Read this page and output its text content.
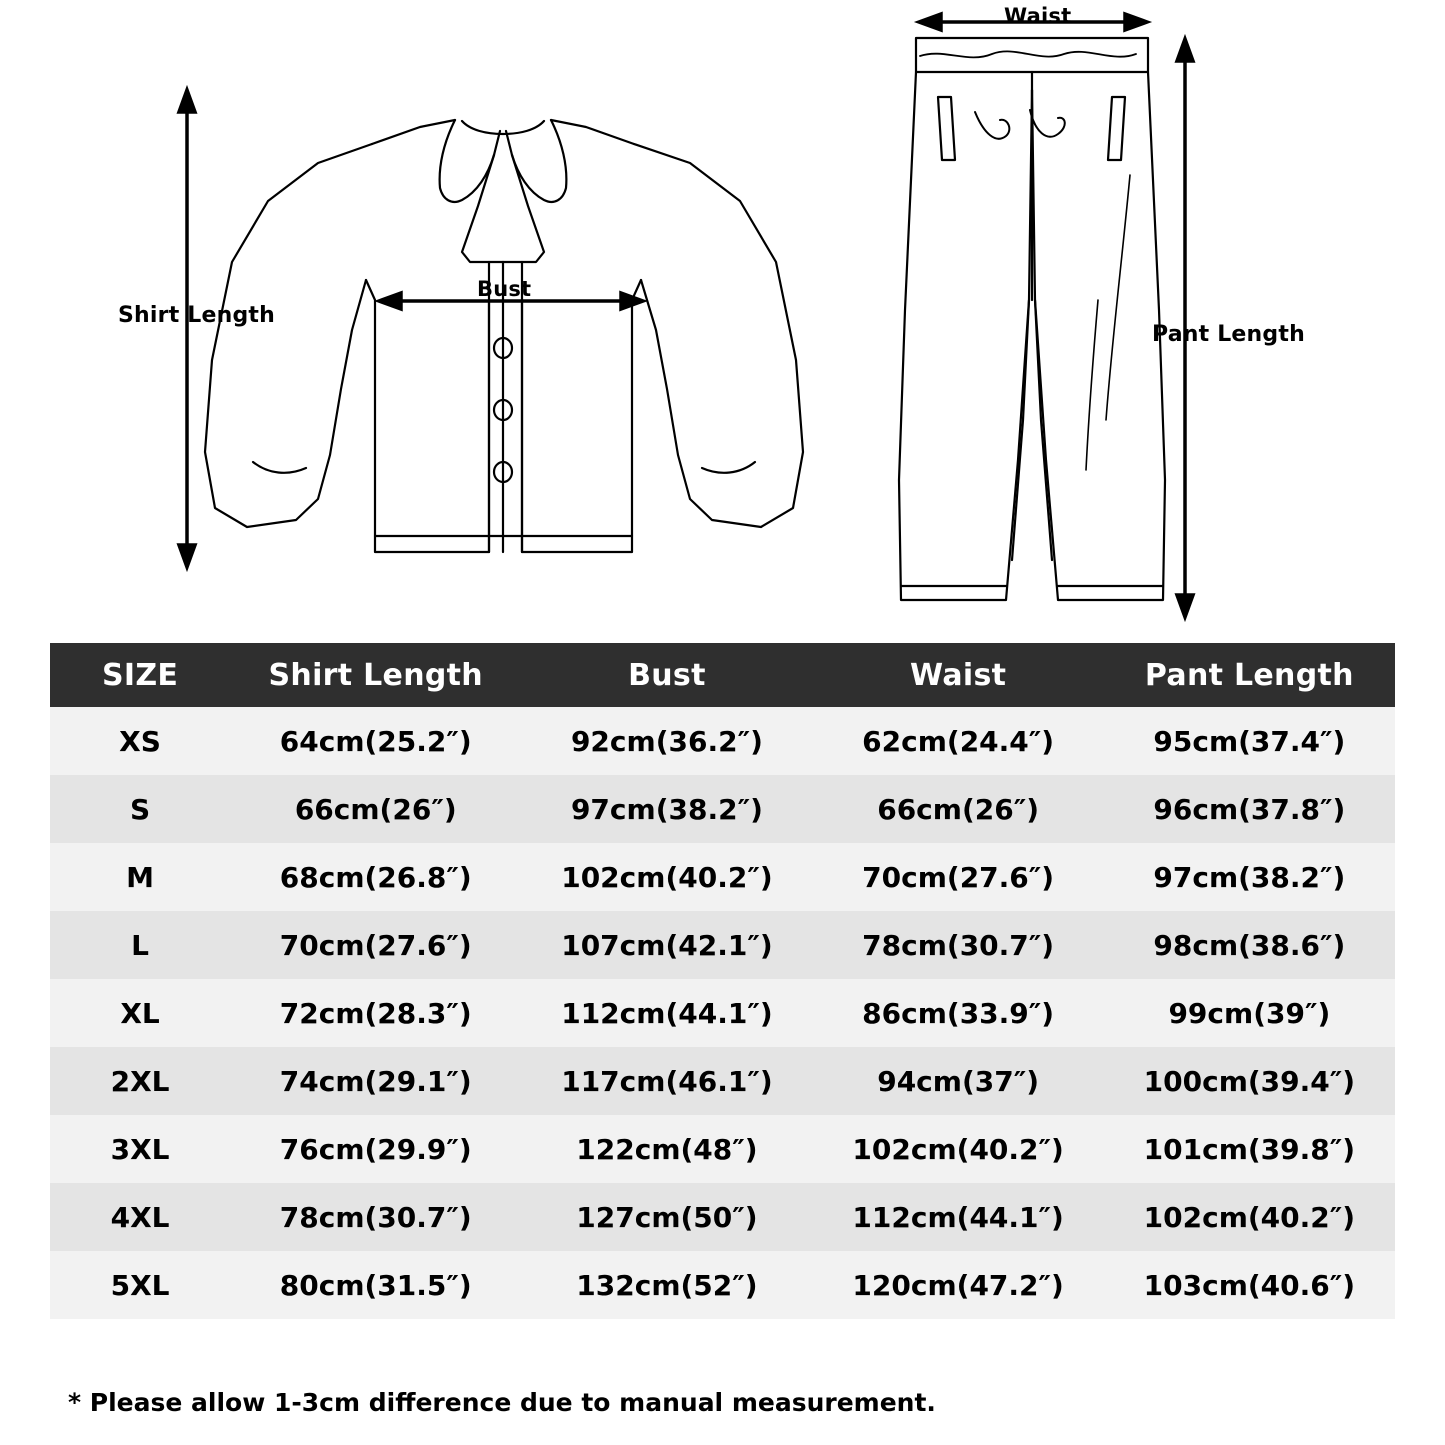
Shirt Length
Bust
Waist
Pant Length
SIZE	Shirt Length	Bust	Waist	Pant Length
XS	64cm(25.2″)	92cm(36.2″)	62cm(24.4″)	95cm(37.4″)
S	66cm(26″)	97cm(38.2″)	66cm(26″)	96cm(37.8″)
M	68cm(26.8″)	102cm(40.2″)	70cm(27.6″)	97cm(38.2″)
L	70cm(27.6″)	107cm(42.1″)	78cm(30.7″)	98cm(38.6″)
XL	72cm(28.3″)	112cm(44.1″)	86cm(33.9″)	99cm(39″)
2XL	74cm(29.1″)	117cm(46.1″)	94cm(37″)	100cm(39.4″)
3XL	76cm(29.9″)	122cm(48″)	102cm(40.2″)	101cm(39.8″)
4XL	78cm(30.7″)	127cm(50″)	112cm(44.1″)	102cm(40.2″)
5XL	80cm(31.5″)	132cm(52″)	120cm(47.2″)	103cm(40.6″)
* Please allow 1-3cm difference due to manual measurement.
